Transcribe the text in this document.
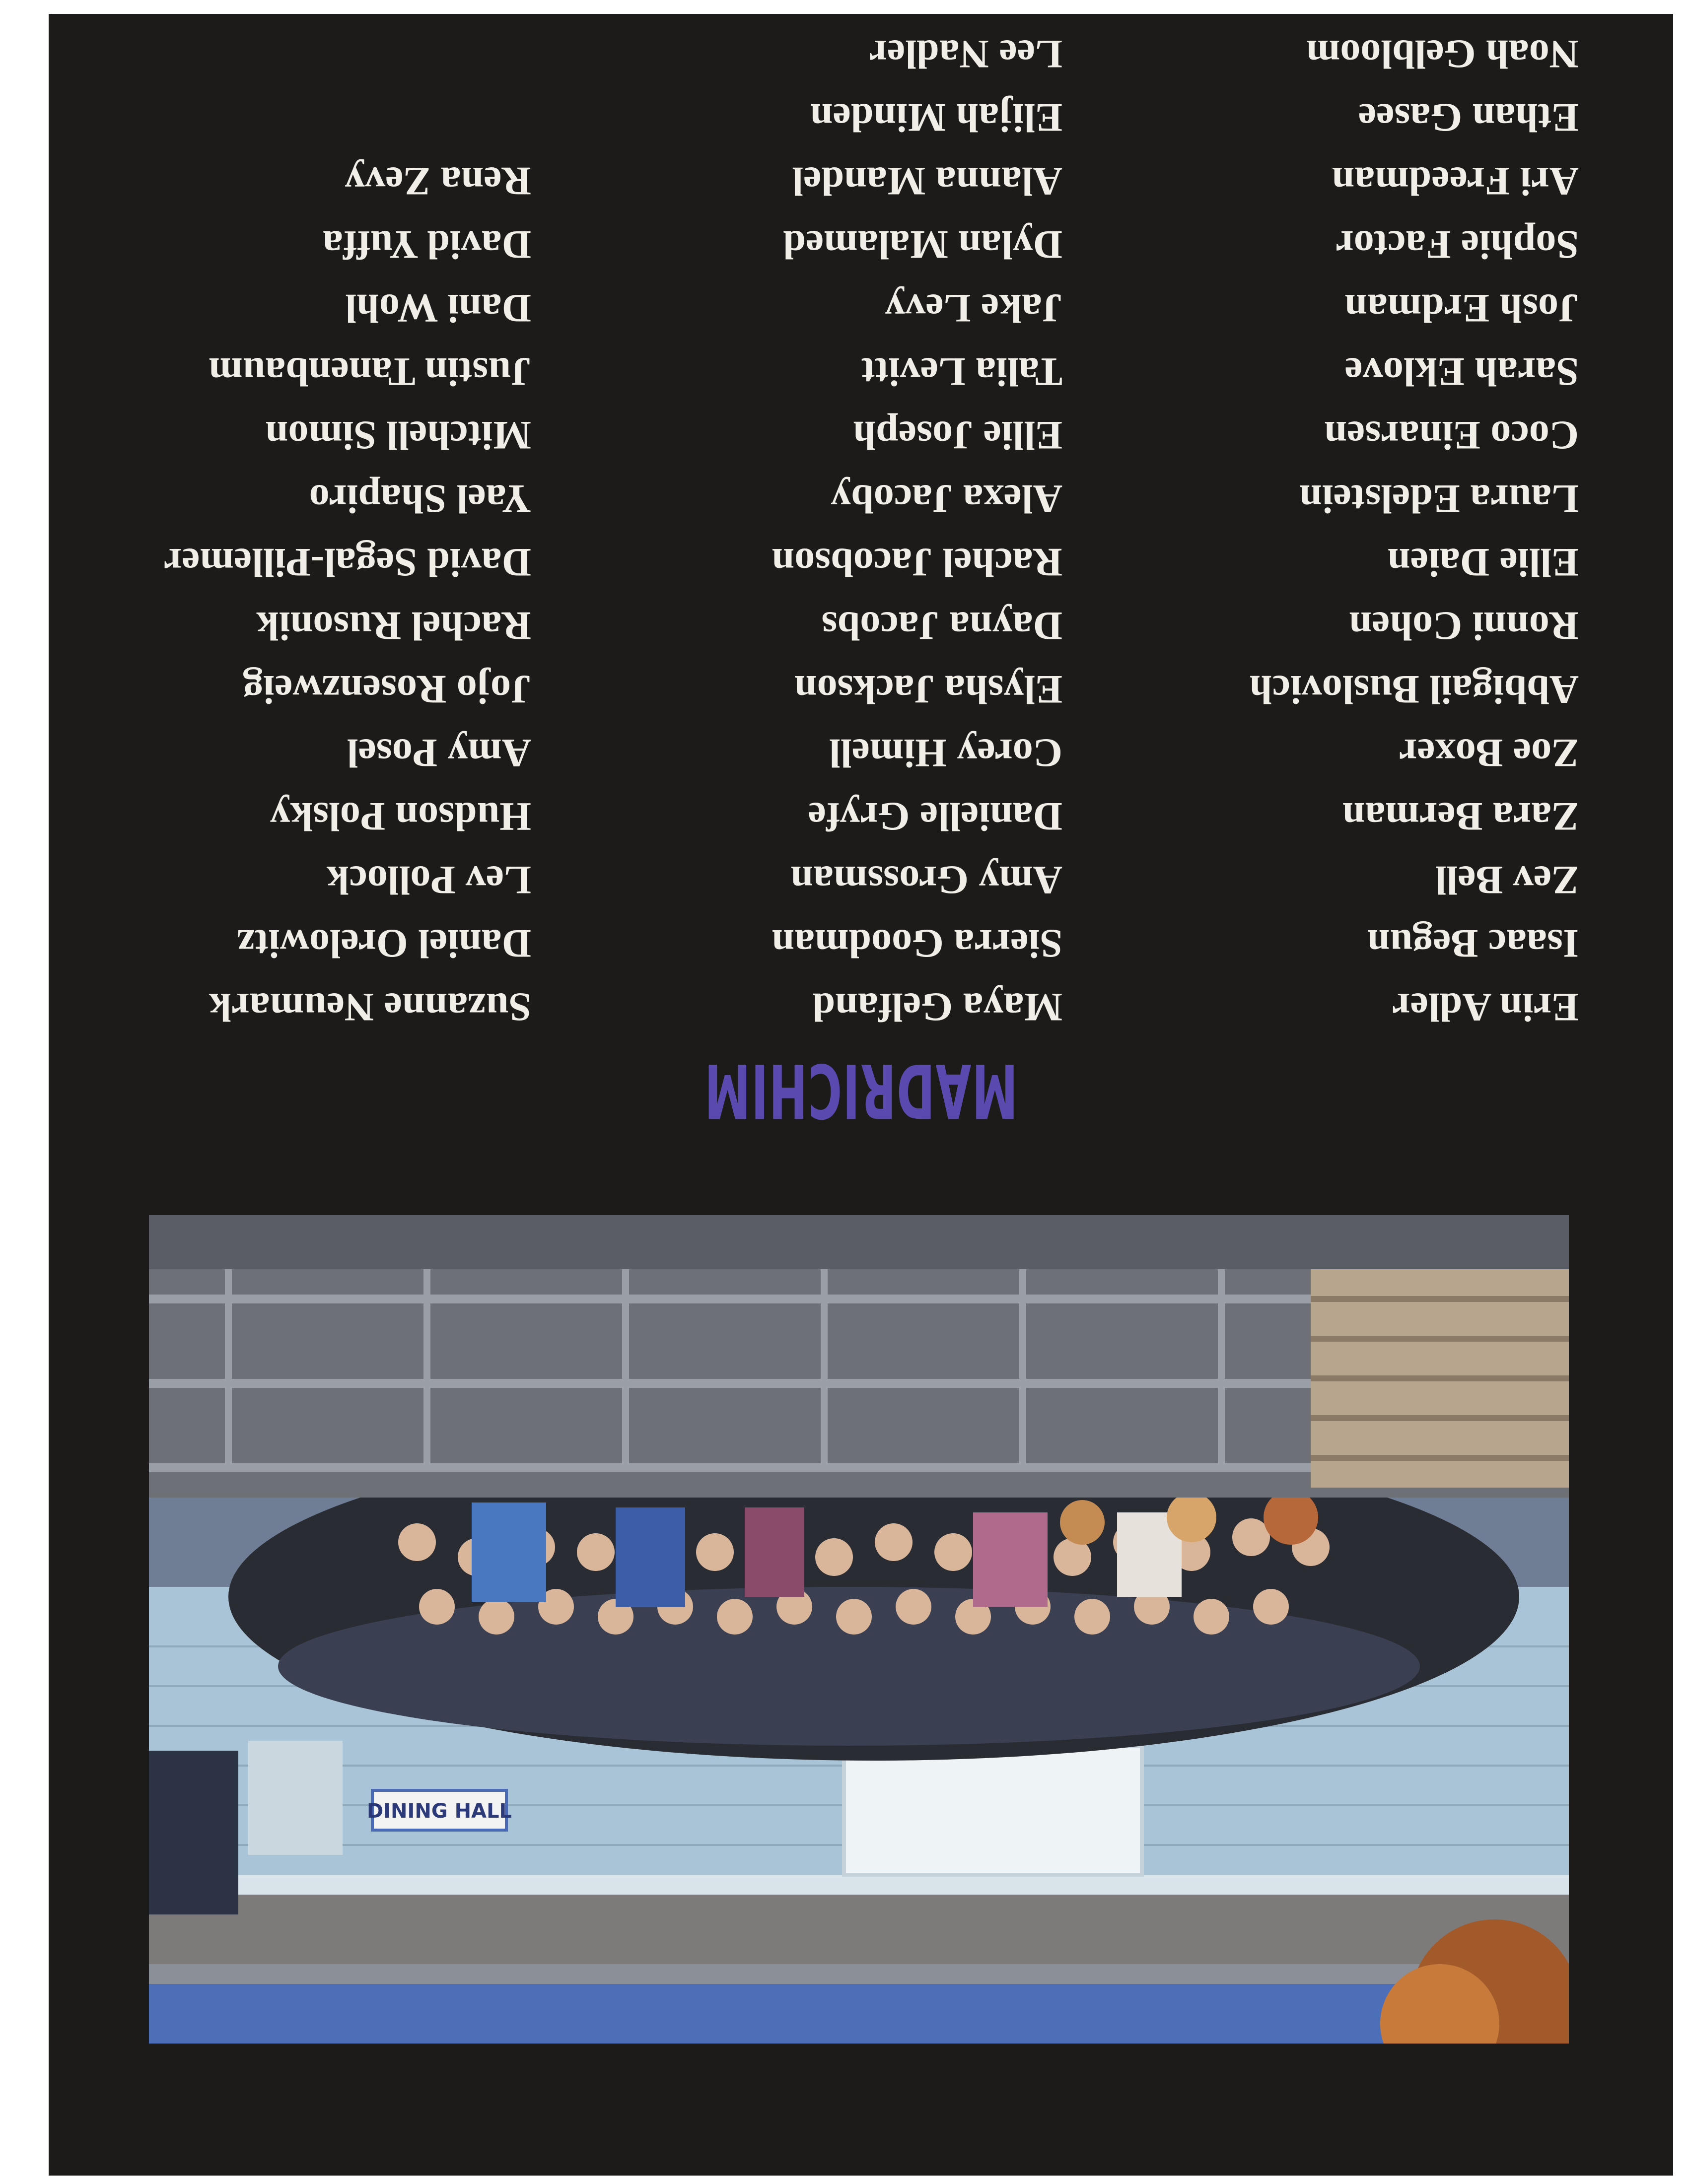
DINING HALL
MADRICHIM
Erin Adler
Isaac Begun
Zev Bell
Zara Berman
Zoe Boxer
Abbigail Buslovich
Ronni Cohen
Ellie Daien
Laura Edelstein
Coco Einarsen
Sarah Eklove
Josh Erdman
Sophie Factor
Ari Freedman
Ethan Gasee
Noah Gelbloom
Maya Gelfand
Sierra Goodman
Amy Grossman
Danielle Gryfe
Corey Himell
Elysha Jackson
Dayna Jacobs
Rachel Jacobson
Alexa Jacoby
Ellie Joseph
Talia Levitt
Jake Levy
Dylan Malamed
Alanna Mandel
Elijah Minden
Lee Nadler
Suzanne Neumark
Daniel Orelowitz
Lev Pollock
Hudson Polsky
Amy Posel
Jojo Rosenzweig
Rachel Rusonik
David Segal-Pillemer
Yael Shapiro
Mitchell Simon
Justin Tanenbaum
Dani Wohl
David Yuffa
Rena Zevy
